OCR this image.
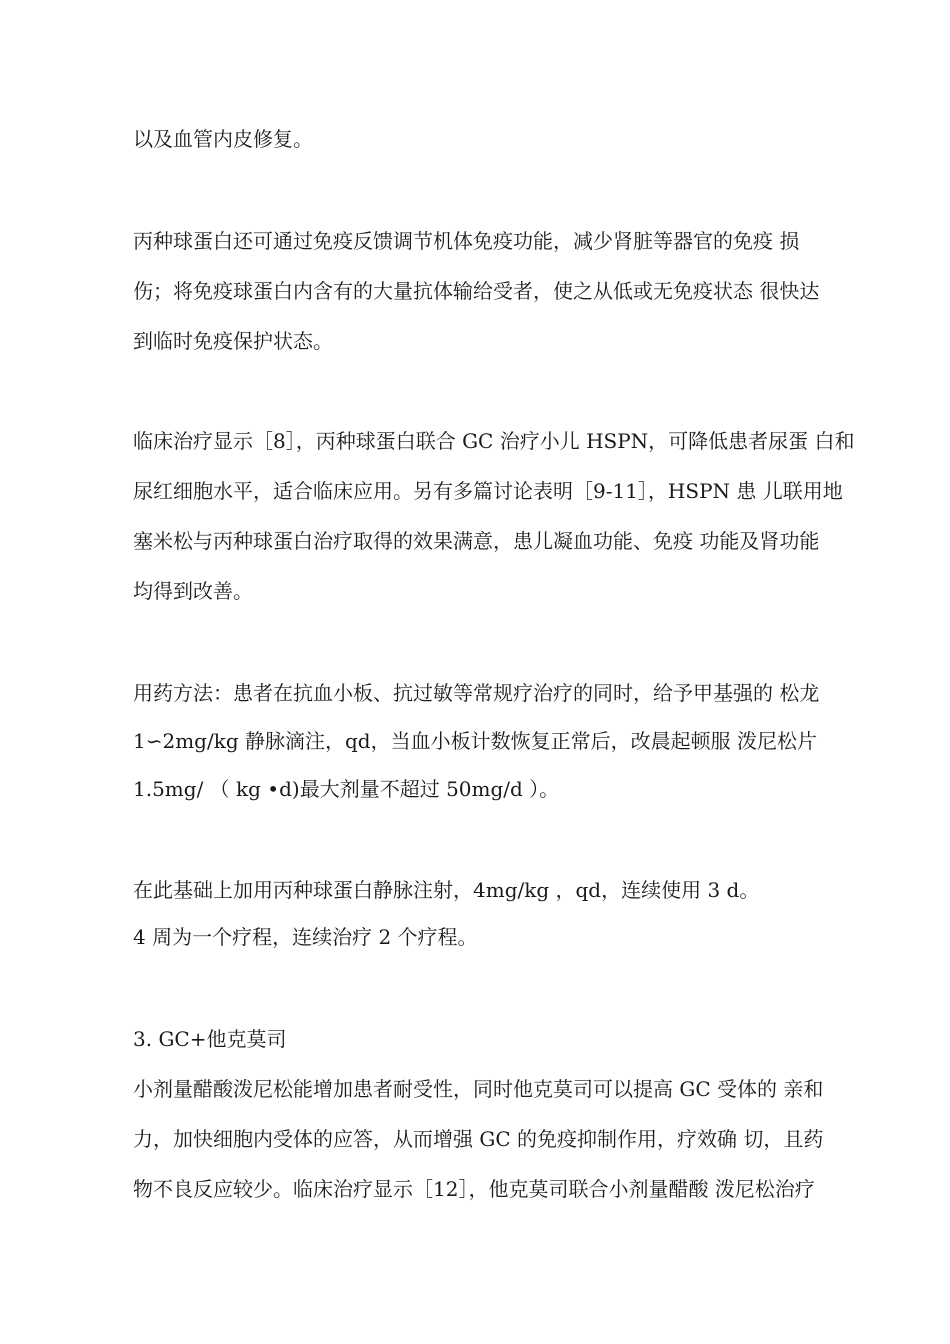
以及血管内皮修复。
丙种球蛋白还可通过免疫反馈调节机体免疫功能，减少肾脏等器官的免疫 损
伤；将免疫球蛋白内含有的大量抗体输给受者，使之从低或无免疫状态 很快达
到临时免疫保护状态。
临床治疗显示［8］，丙种球蛋白联合 GC 治疗小儿 HSPN，可降低患者尿蛋 白和
尿红细胞水平，适合临床应用。另有多篇讨论表明［9-11］，HSPN 患 儿联用地
塞米松与丙种球蛋白治疗取得的效果满意，患儿凝血功能、免疫 功能及肾功能
均得到改善。
用药方法：患者在抗血小板、抗过敏等常规疗治疗的同时，给予甲基强的 松龙
1∽2mg/kg 静脉滴注，qd，当血小板计数恢复正常后，改晨起顿服 泼尼松片
1.5mg/ （ kg •d)最大剂量不超过 50mg/d ）。
在此基础上加用丙种球蛋白静脉注射，4mg/kg ，qd，连续使用 3 d。
4 周为一个疗程，连续治疗 2 个疗程。
3. GC+他克莫司
小剂量醋酸泼尼松能增加患者耐受性，同时他克莫司可以提高 GC 受体的 亲和
力，加快细胞内受体的应答，从而增强 GC 的免疫抑制作用，疗效确 切，且药
物不良反应较少。临床治疗显示［12］，他克莫司联合小剂量醋酸 泼尼松治疗
